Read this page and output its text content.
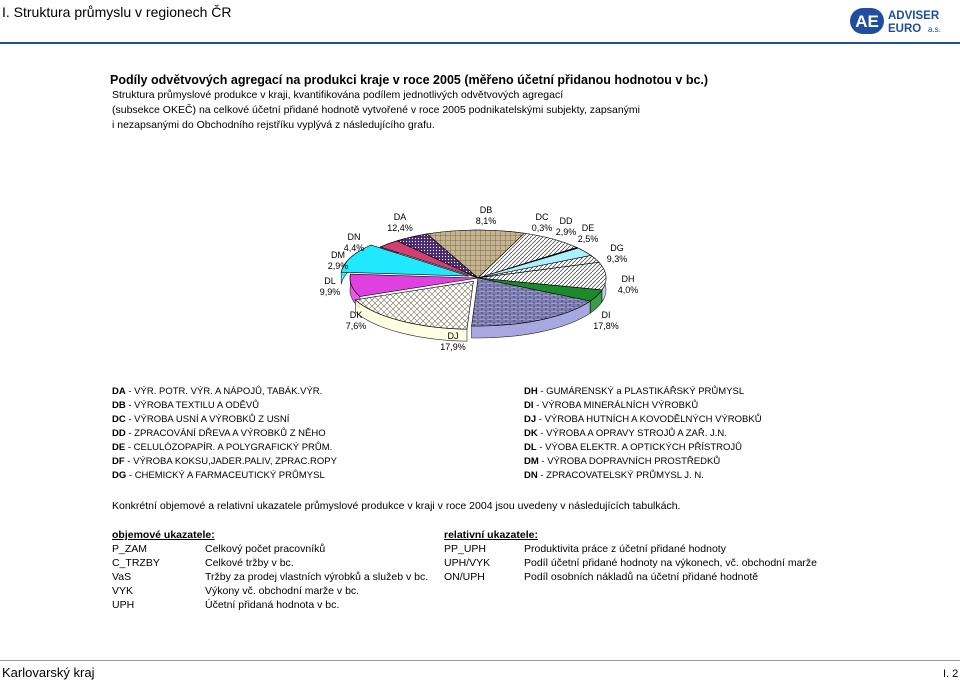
I. Struktura průmyslu v regionech ČR	AE ADVISER
EURO a.s.
Podíly odvětvových agregací na produkci kraje v roce 2005 (měřeno účetní přidanou hodnotou v bc.)
Struktura průmyslové produkce v kraji, kvantifikována podílem jednotlivých odvětvových agregací
(subsekce OKEČ) na celkové účetní přidané hodnotě vytvořené v roce 2005 podnikatelskými subjekty, zapsanými
i nezapsanými do Obchodního rejstříku vyplývá z následujícího grafu.
DA
12,4%
DB
8,1%	DC
0,3%
DD
2,9% DE
2,5%
DG
9,3%
DH
4,0%
DI
17,8%
DJ
17,9%
DK
7,6%
DL
9,9%
DM
2,9%
DN
4,4%
DA - VÝR. POTR. VÝR. A NÁPOJŮ, TABÁK.VÝR.
DB - VÝROBA TEXTILU A ODĚVŮ
DC - VÝROBA USNÍ A VÝROBKŮ Z USNÍ
DD - ZPRACOVÁNÍ DŘEVA A VÝROBKŮ Z NĚHO
DE - CELULÓZOPAPÍR. A POLYGRAFICKÝ PRŮM.
DF - VÝROBA KOKSU,JADER.PALIV, ZPRAC.ROPY
DG - CHEMICKÝ A FARMACEUTICKÝ PRŮMYSL
DH - GUMÁRENSKÝ a PLASTIKÁŘSKÝ PRŮMYSL
DI - VÝROBA MINERÁLNÍCH VÝROBKŮ
DJ - VÝROBA HUTNÍCH A KOVODĚLNÝCH VÝROBKŮ
DK - VÝROBA A OPRAVY STROJŮ A ZAŘ. J.N.
DL - VÝOBA ELEKTR. A OPTICKÝCH PŘÍSTROJŮ
DM - VÝROBA DOPRAVNÍCH PROSTŘEDKŮ
DN - ZPRACOVATELSKÝ PRŮMYSL J. N.
Konkrétní objemové a relativní ukazatele průmyslové produkce v kraji v roce 2004 jsou uvedeny v následujících tabulkách.
objemové ukazatele:
P_ZAM	Celkový počet pracovníků
C_TRZBY	Celkové tržby v bc.
VaS	Tržby za prodej vlastních výrobků a služeb v bc.
VYK	Výkony vč. obchodní marže v bc.
UPH	Účetní přidaná hodnota v bc.
relativní ukazatele:
PP_UPH	Produktivita práce z účetní přidané hodnoty
UPH/VYK	Podíl účetní přidané hodnoty na výkonech, vč. obchodní marže
ON/UPH	Podíl osobních nákladů na účetní přidané hodnotě
Karlovarský kraj	I. 2
